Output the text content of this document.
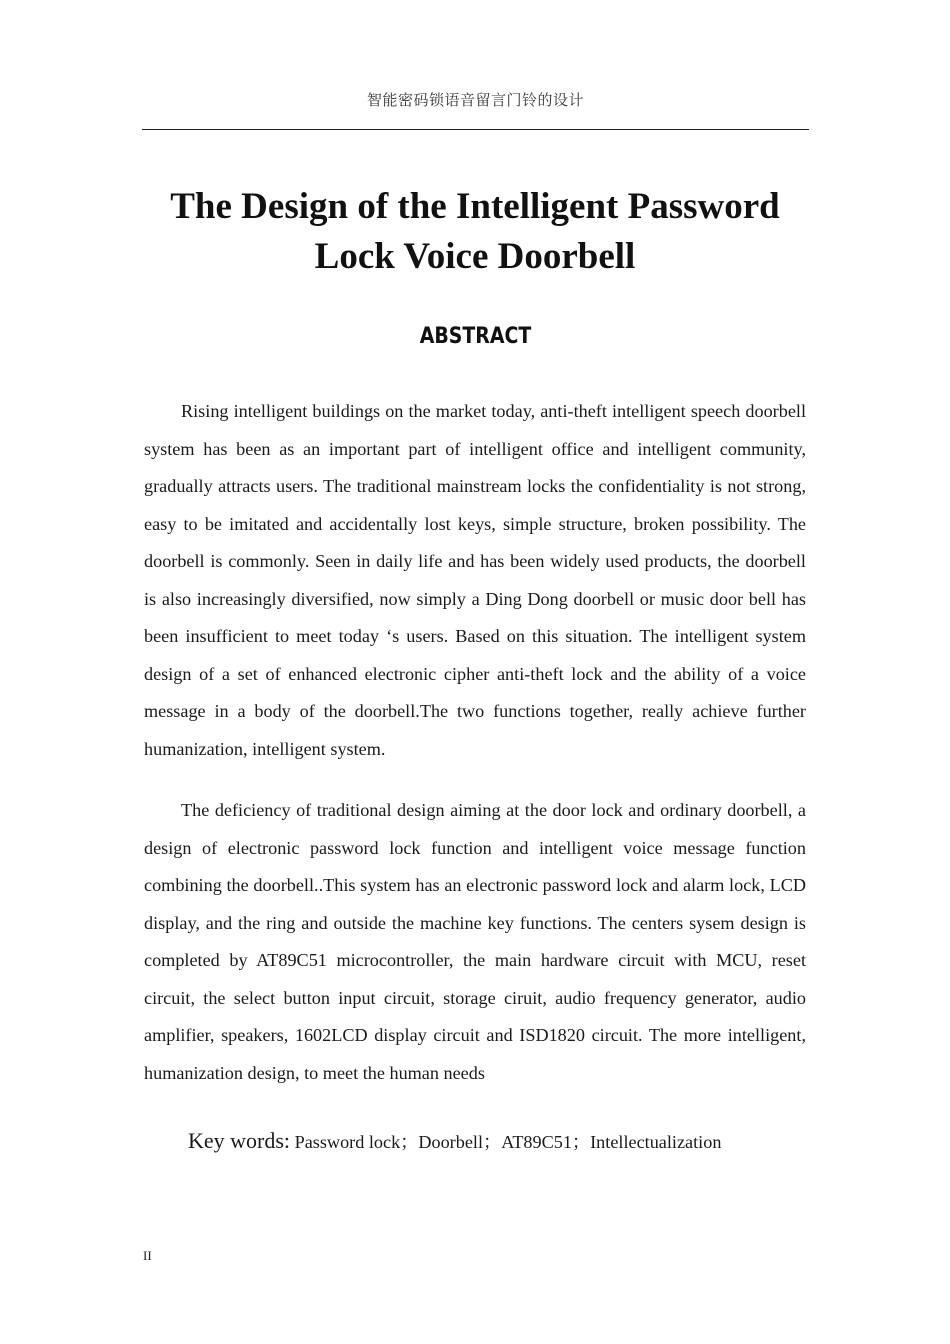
智能密码锁语音留言门铃的设计
The Design of the Intelligent Password
Lock Voice Doorbell
ABSTRACT

Rising intelligent buildings on the market today, anti-theft intelligent speech doorbell system has been as an important part of intelligent office and intelligent community, gradually attracts users. The traditional mainstream locks the confidentiality is not strong, easy to be imitated and accidentally lost keys, simple structure, broken possibility. The doorbell is commonly. Seen in daily life and has been widely used products, the doorbell is also increasingly diversified, now simply a Ding Dong doorbell or music door bell has been insufficient to meet today ‘s users. Based on this situation. The intelligent system design of a set of enhanced electronic cipher anti-theft lock and the ability of a voice message in a body of the doorbell.The two functions together, really achieve further humanization, intelligent system.

The deficiency of traditional design aiming at the door lock and ordinary doorbell, a design of electronic password lock function and intelligent voice message function combining the doorbell..This system has an electronic password lock and alarm lock, LCD display, and the ring and outside the machine key functions. The centers sysem design is completed by AT89C51 microcontroller, the main hardware circuit with MCU, reset circuit, the select button input circuit, storage ciruit, audio frequency generator, audio amplifier, speakers, 1602LCD display circuit and ISD1820 circuit. The more intelligent, humanization design, to meet the human needs

Key words: Password lock；Doorbell；AT89C51；Intellectualization

II
